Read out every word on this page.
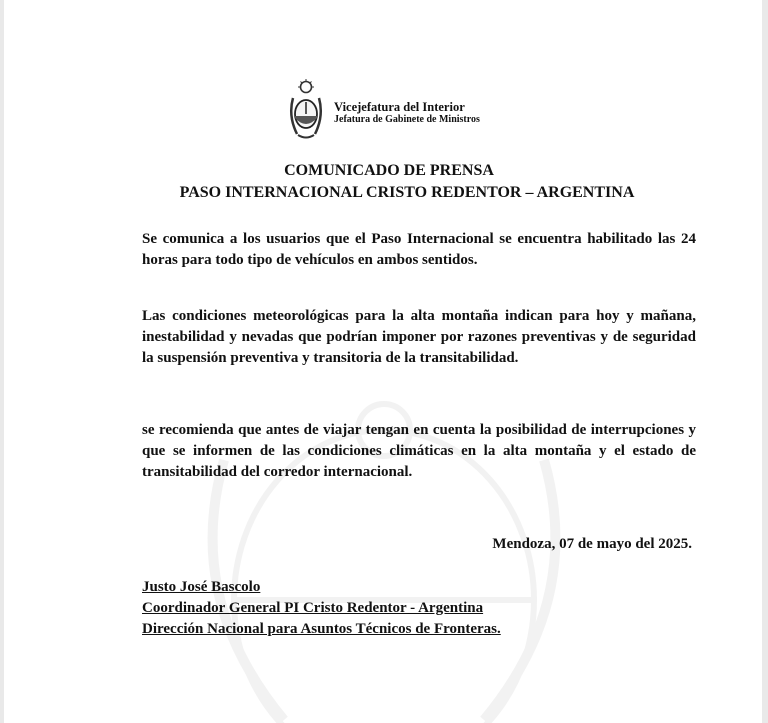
Vicejefatura del Interior
Jefatura de Gabinete de Ministros
COMUNICADO DE PRENSA
PASO INTERNACIONAL CRISTO REDENTOR – ARGENTINA

Se comunica a los usuarios que el Paso Internacional se encuentra habilitado las 24 horas para todo tipo de vehículos en ambos sentidos.

Las condiciones meteorológicas para la alta montaña indican para hoy y mañana, inestabilidad y nevadas que podrían imponer por razones preventivas y de seguridad la suspensión preventiva y transitoria de la transitabilidad.

se recomienda que antes de viajar tengan en cuenta la posibilidad de interrupciones y que se informen de las condiciones climáticas en la alta montaña y el estado de transitabilidad del corredor internacional.

Mendoza, 07 de mayo del 2025.
Justo José Bascolo
Coordinador General PI Cristo Redentor - Argentina
Dirección Nacional para Asuntos Técnicos de Fronteras.
